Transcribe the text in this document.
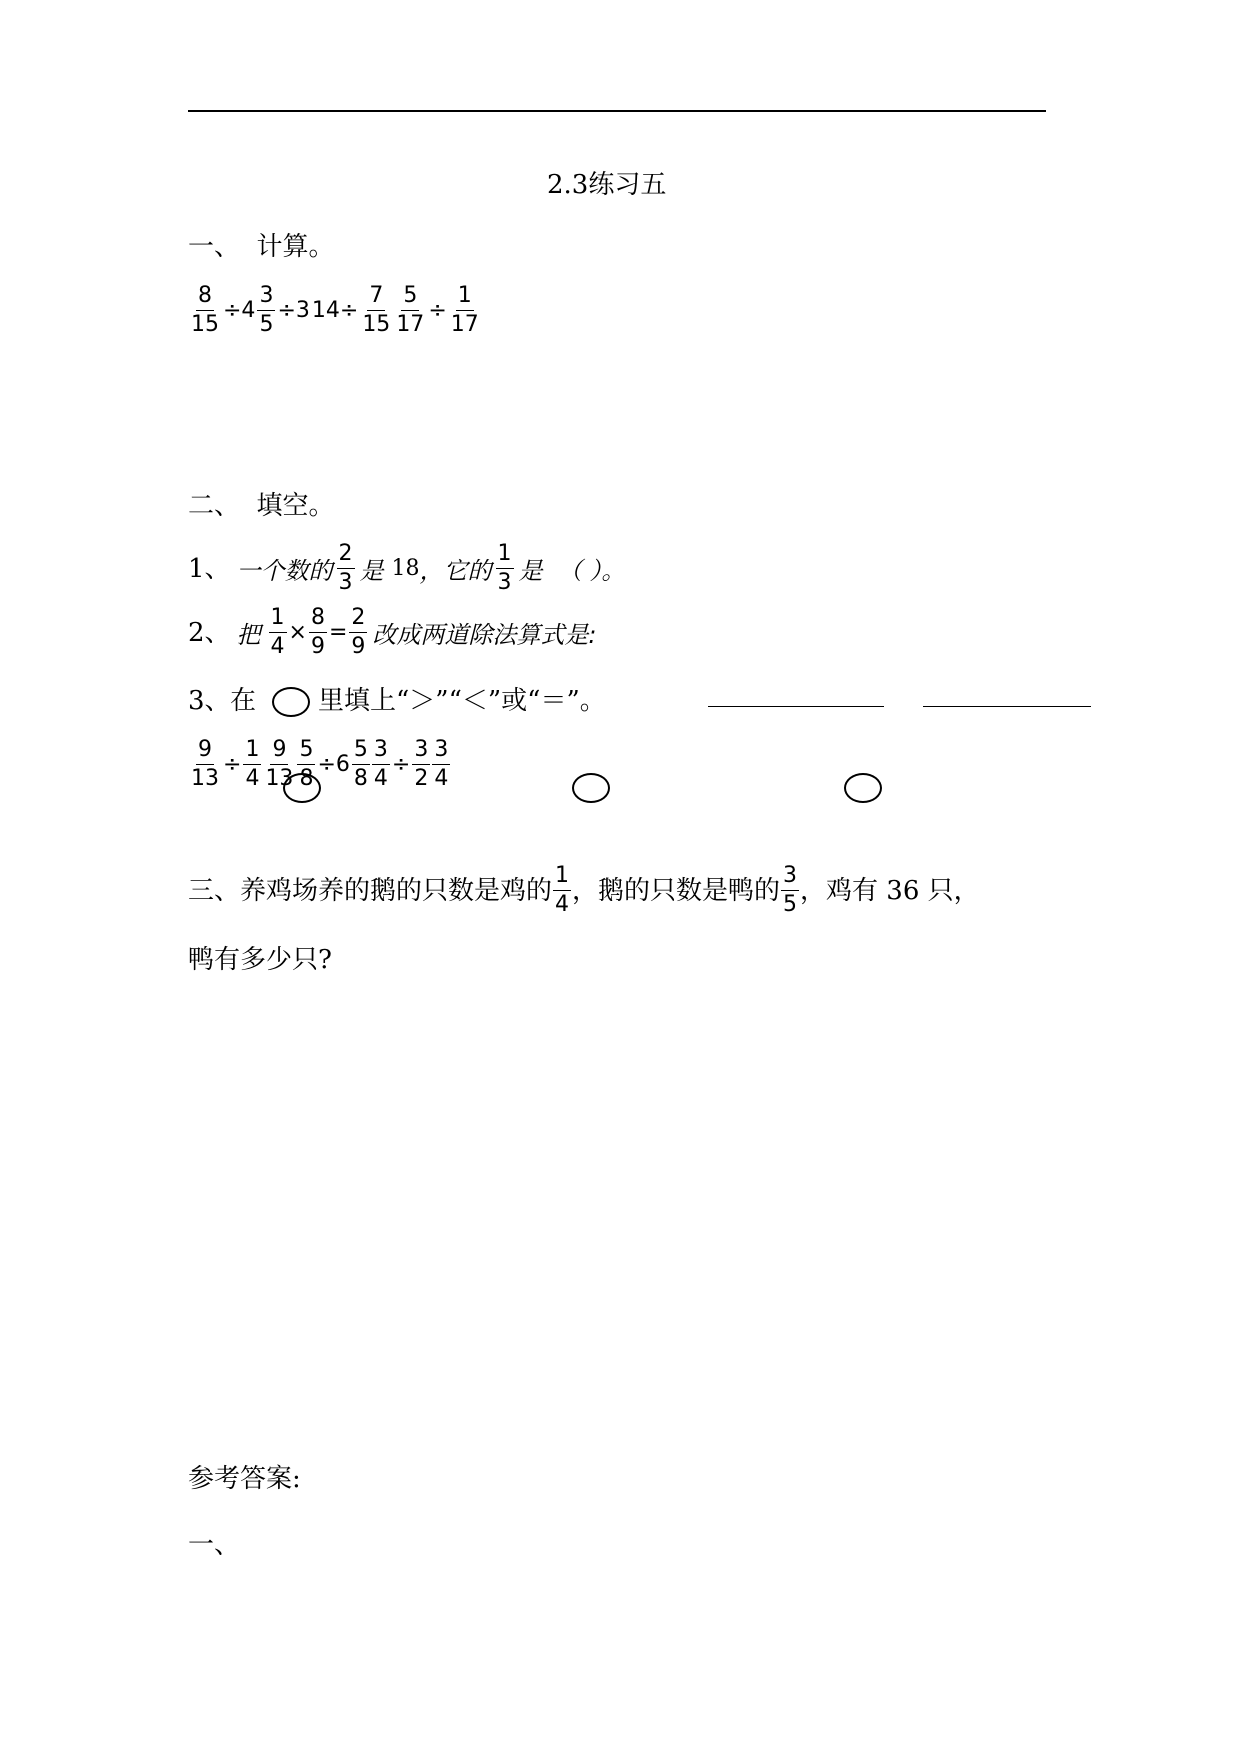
2.3练习五
一、  计算。
$\frac{8}{15} \div 4 \frac{3}{5} \div 314\div \frac{7}{15} \frac{5}{17} \div \frac{1}{17}$
二、  填空。
1、 一个数的 $\frac{2}{3}$ 是 18 ，它的 $\frac{1}{3}$ 是  （ ）。
2、 把 $\frac{1}{4} \times \frac{8}{9} = \frac{2}{9}$ 改成两道除法算式是:
3、 在 里填上“＞”“＜”或“＝”。
$\frac{9}{13} \div \frac{1}{4} \frac{9}{13} \frac{5}{8} \div 6 \frac{5}{8} \frac{3}{4} \div \frac{3}{2} \frac{3}{4}$
三、养鸡场养的鹅的只数是鸡的 $\frac{1}{4}$ ，鹅的只数是鸭的 $\frac{3}{5}$ ，鸡有 36 只，
鸭有多少只?
参考答案:
一、
